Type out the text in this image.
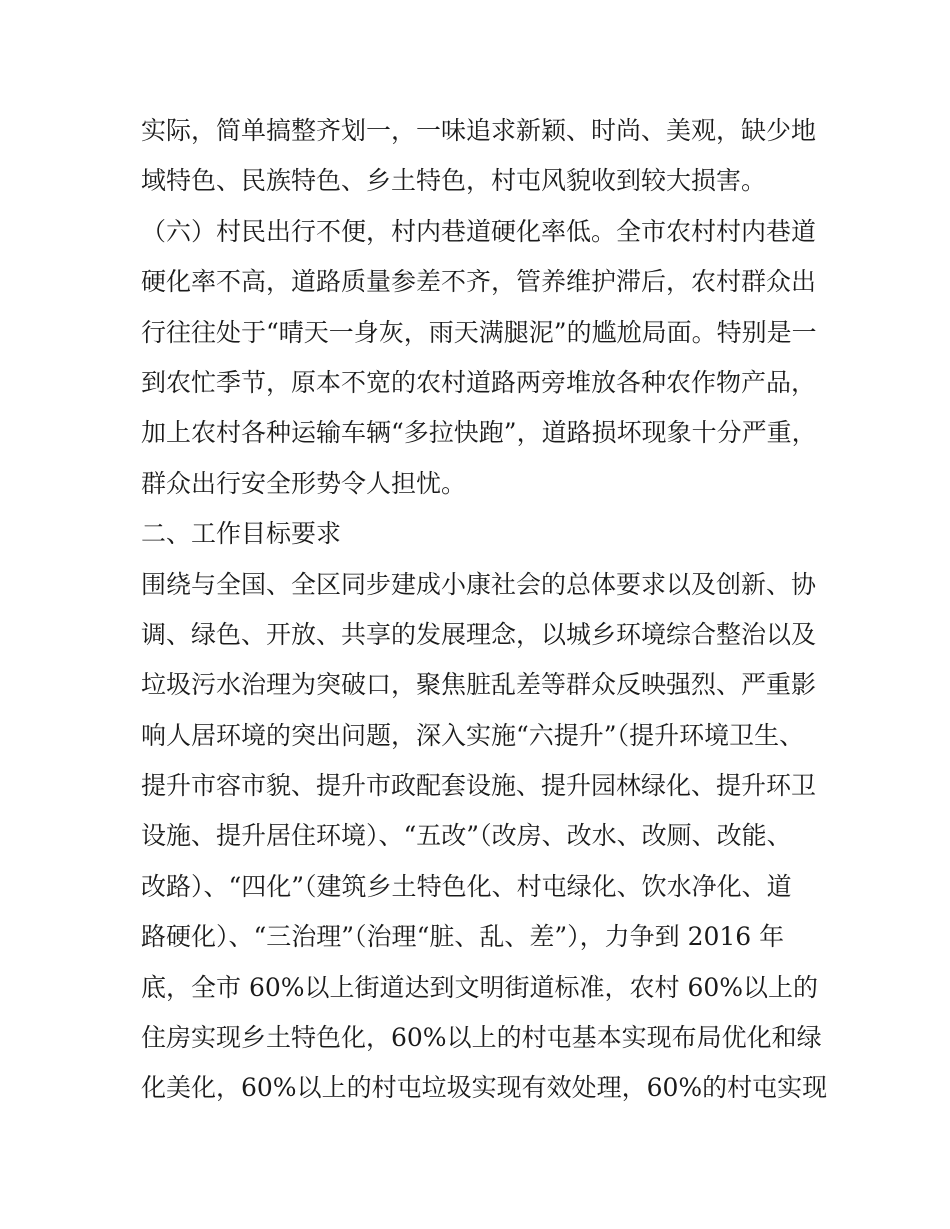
实际，简单搞整齐划一，一味追求新颖、时尚、美观，缺少地
域特色、民族特色、乡土特色，村屯风貌收到较大损害。
（六）村民出行不便，村内巷道硬化率低。全市农村村内巷道
硬化率不高，道路质量参差不齐，管养维护滞后，农村群众出
行往往处于“晴天一身灰，雨天满腿泥”的尴尬局面。特别是一
到农忙季节，原本不宽的农村道路两旁堆放各种农作物产品，
加上农村各种运输车辆“多拉快跑”，道路损坏现象十分严重，
群众出行安全形势令人担忧。
二、工作目标要求
围绕与全国、全区同步建成小康社会的总体要求以及创新、协
调、绿色、开放、共享的发展理念，以城乡环境综合整治以及
垃圾污水治理为突破口，聚焦脏乱差等群众反映强烈、严重影
响人居环境的突出问题，深入实施“六提升”（提升环境卫生、
提升市容市貌、提升市政配套设施、提升园林绿化、提升环卫
设施、提升居住环境）、“五改”（改房、改水、改厕、改能、
改路）、“四化”（建筑乡土特色化、村屯绿化、饮水净化、道
路硬化）、“三治理”（治理“脏、乱、差”），力争到 2016 年
底，全市 60%以上街道达到文明街道标准，农村 60%以上的
住房实现乡土特色化，60%以上的村屯基本实现布局优化和绿
化美化，60%以上的村屯垃圾实现有效处理，60%的村屯实现
